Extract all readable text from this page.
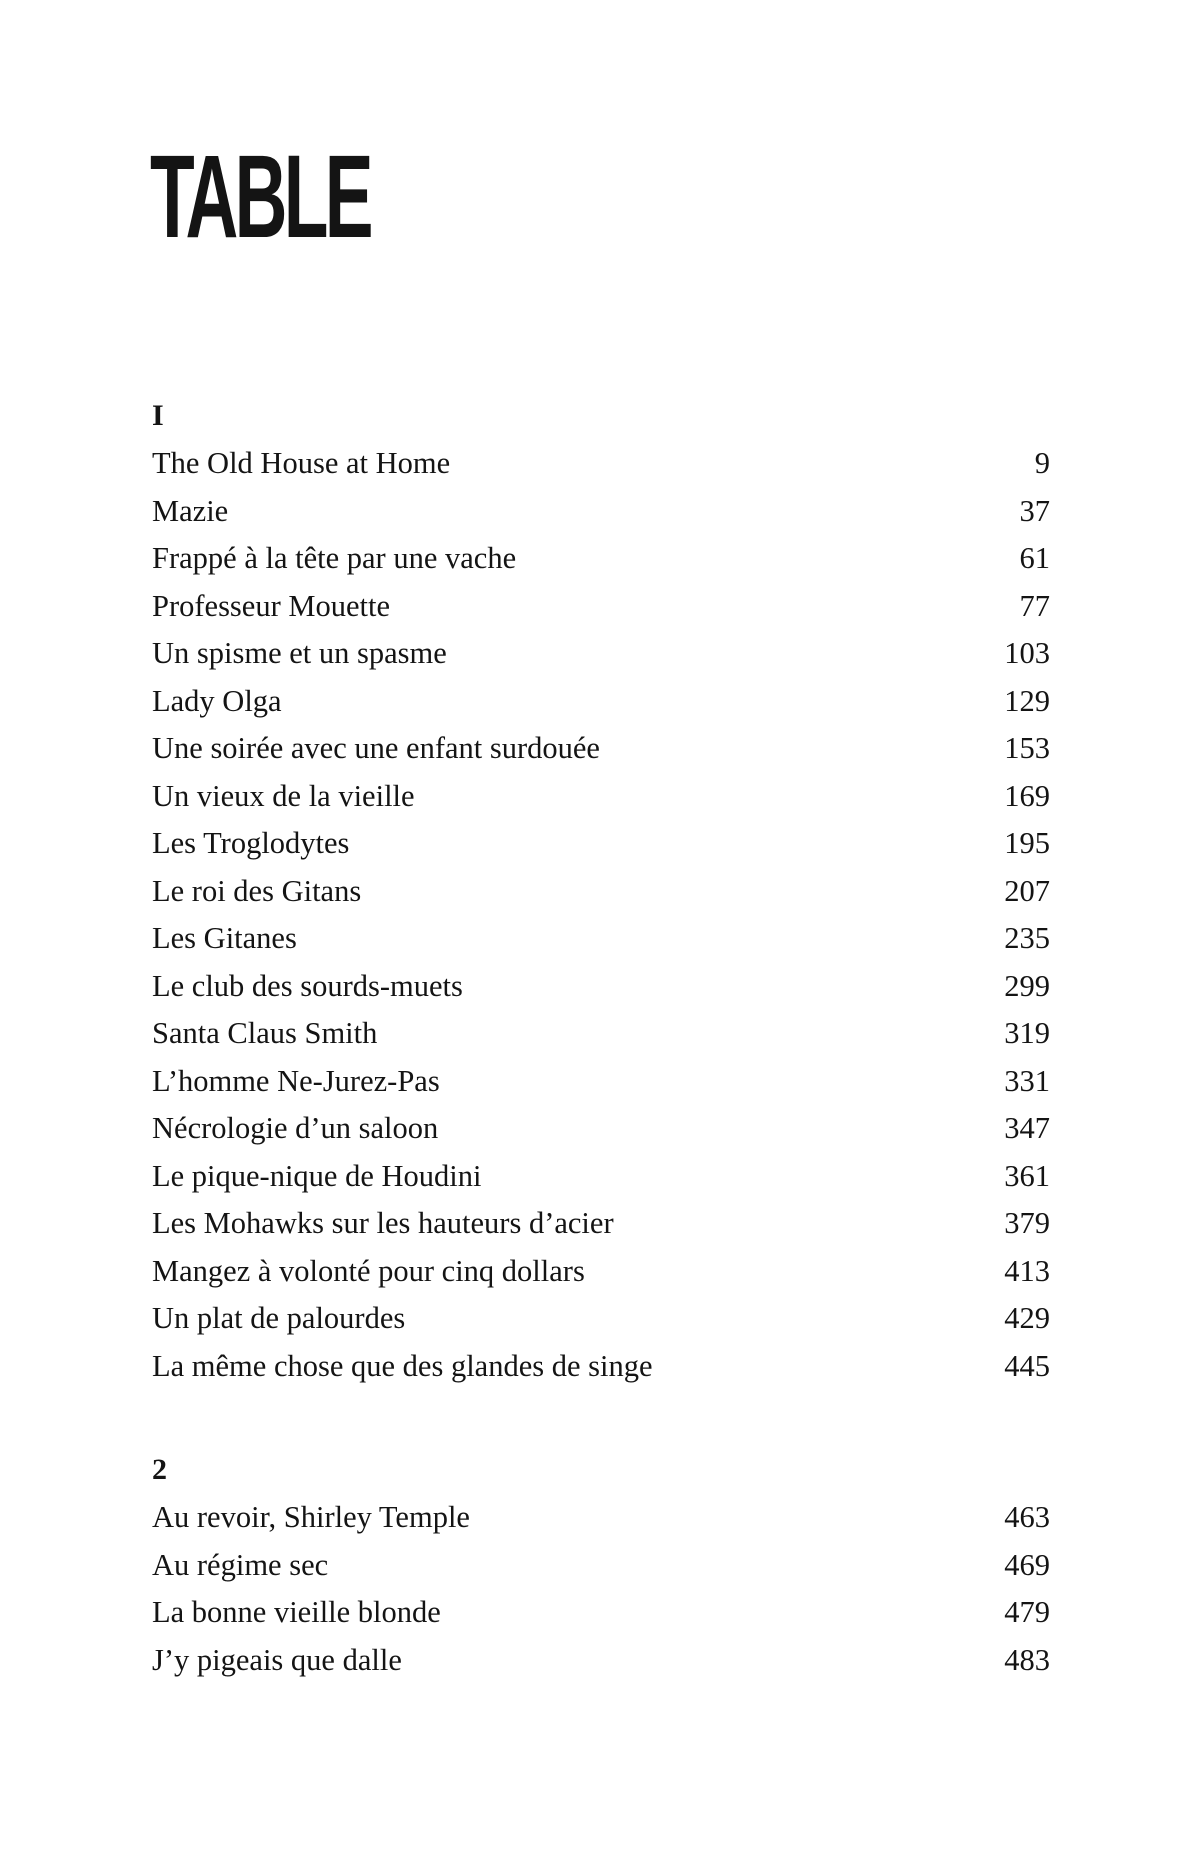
TABLE
I
The Old House at Home	9
Mazie	37
Frappé à la tête par une vache	61
Professeur Mouette	77
Un spisme et un spasme	103
Lady Olga	129
Une soirée avec une enfant surdouée	153
Un vieux de la vieille	169
Les Troglodytes	195
Le roi des Gitans	207
Les Gitanes	235
Le club des sourds-muets	299
Santa Claus Smith	319
L’homme Ne-Jurez-Pas	331
Nécrologie d’un saloon	347
Le pique-nique de Houdini	361
Les Mohawks sur les hauteurs d’acier	379
Mangez à volonté pour cinq dollars	413
Un plat de palourdes	429
La même chose que des glandes de singe	445
2
Au revoir, Shirley Temple	463
Au régime sec	469
La bonne vieille blonde	479
J’y pigeais que dalle	483
